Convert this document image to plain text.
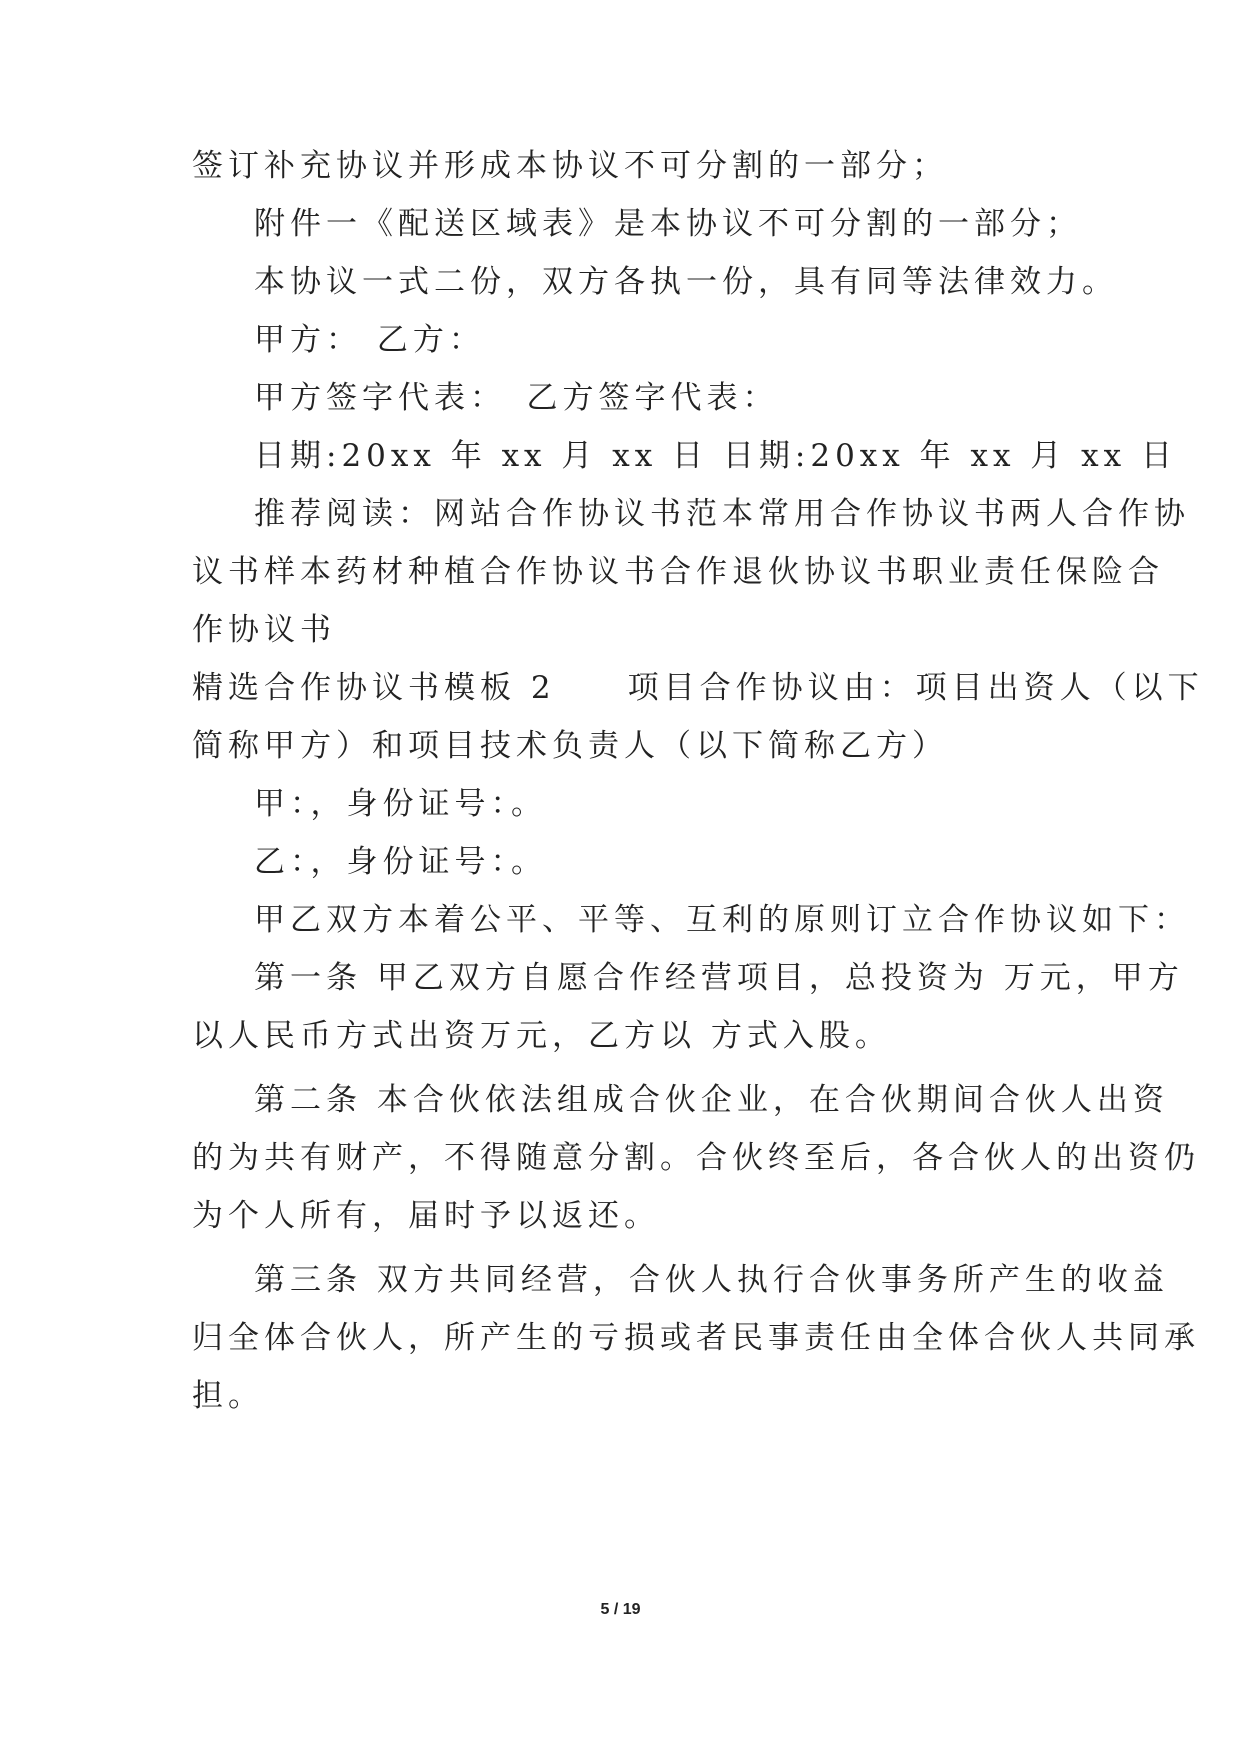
签订补充协议并形成本协议不可分割的一部分；
附件一《配送区域表》是本协议不可分割的一部分；
本协议一式二份，双方各执一份，具有同等法律效力。
甲方： 乙方：
甲方签字代表：　乙方签字代表：
日期:20xx 年 xx 月 xx 日 日期:20xx 年 xx 月 xx 日
推荐阅读：网站合作协议书范本常用合作协议书两人合作协
议书样本药材种植合作协议书合作退伙协议书职业责任保险合
作协议书
精选合作协议书模板 2　　项目合作协议由：项目出资人（以下
简称甲方）和项目技术负责人（以下简称乙方）
甲：，身份证号：。
乙：，身份证号：。
甲乙双方本着公平、平等、互利的原则订立合作协议如下：
第一条 甲乙双方自愿合作经营项目，总投资为 万元，甲方
以人民币方式出资万元，乙方以 方式入股。
第二条 本合伙依法组成合伙企业，在合伙期间合伙人出资
的为共有财产，不得随意分割。合伙终至后，各合伙人的出资仍
为个人所有，届时予以返还。
第三条 双方共同经营，合伙人执行合伙事务所产生的收益
归全体合伙人，所产生的亏损或者民事责任由全体合伙人共同承
担。
5 / 19
